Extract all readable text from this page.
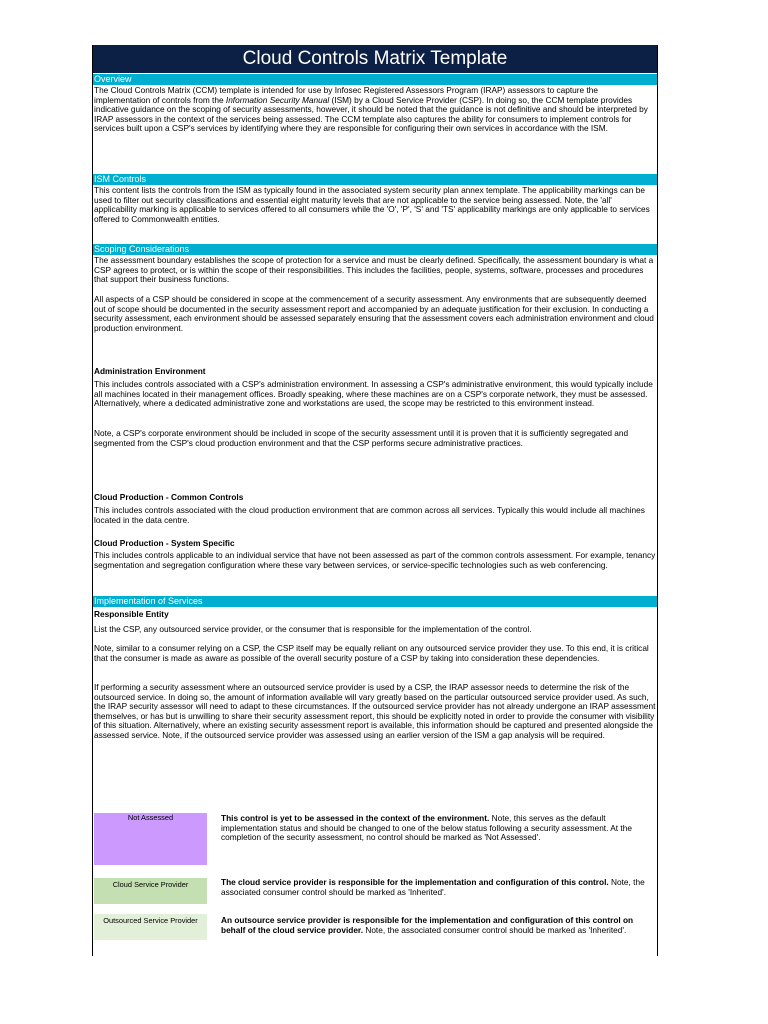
Cloud Controls Matrix Template
Overview

The Cloud Controls Matrix (CCM) template is intended for use by Infosec Registered Assessors Program (IRAP) assessors to capture the implementation of controls from the Information Security Manual (ISM) by a Cloud Service Provider (CSP). In doing so, the CCM template provides indicative guidance on the scoping of security assessments, however, it should be noted that the guidance is not definitive and should be interpreted by IRAP assessors in the context of the services being assessed. The CCM template also captures the ability for consumers to implement controls for services built upon a CSP's services by identifying where they are responsible for configuring their own services in accordance with the ISM.

ISM Controls

This content lists the controls from the ISM as typically found in the associated system security plan annex template. The applicability markings can be used to filter out security classifications and essential eight maturity levels that are not applicable to the service being assessed. Note, the 'all' applicability marking is applicable to services offered to all consumers while the 'O', 'P', 'S' and 'TS' applicability markings are only applicable to services offered to Commonwealth entities.

Scoping Considerations

The assessment boundary establishes the scope of protection for a service and must be clearly defined. Specifically, the assessment boundary is what a CSP agrees to protect, or is within the scope of their responsibilities. This includes the facilities, people, systems, software, processes and procedures that support their business functions.

All aspects of a CSP should be considered in scope at the commencement of a security assessment. Any environments that are subsequently deemed out of scope should be documented in the security assessment report and accompanied by an adequate justification for their exclusion. In conducting a security assessment, each environment should be assessed separately ensuring that the assessment covers each administration environment and cloud production environment.

Administration Environment

This includes controls associated with a CSP's administration environment. In assessing a CSP's administrative environment, this would typically include all machines located in their management offices. Broadly speaking, where these machines are on a CSP's corporate network, they must be assessed. Alternatively, where a dedicated administrative zone and workstations are used, the scope may be restricted to this environment instead.

Note, a CSP's corporate environment should be included in scope of the security assessment until it is proven that it is sufficiently segregated and segmented from the CSP's cloud production environment and that the CSP performs secure administrative practices.

Cloud Production - Common Controls

This includes controls associated with the cloud production environment that are common across all services. Typically this would include all machines located in the data centre.

Cloud Production - System Specific

This includes controls applicable to an individual service that have not been assessed as part of the common controls assessment. For example, tenancy segmentation and segregation configuration where these vary between services, or service-specific technologies such as web conferencing.

Implementation of Services
Responsible Entity

List the CSP, any outsourced service provider, or the consumer that is responsible for the implementation of the control.

Note, similar to a consumer relying on a CSP, the CSP itself may be equally reliant on any outsourced service provider they use. To this end, it is critical that the consumer is made as aware as possible of the overall security posture of a CSP by taking into consideration these dependencies.

If performing a security assessment where an outsourced service provider is used by a CSP, the IRAP assessor needs to determine the risk of the outsourced service. In doing so, the amount of information available will vary greatly based on the particular outsourced service provider used. As such, the IRAP security assessor will need to adapt to these circumstances. If the outsourced service provider has not already undergone an IRAP assessment themselves, or has but is unwilling to share their security assessment report, this should be explicitly noted in order to provide the consumer with visibility of this situation. Alternatively, where an existing security assessment report is available, this information should be captured and presented alongside the assessed service. Note, if the outsourced service provider was assessed using an earlier version of the ISM a gap analysis will be required.

Not Assessed	This control is yet to be assessed in the context of the environment. Note, this serves as the default implementation status and should be changed to one of the below status following a security assessment. At the completion of the security assessment, no control should be marked as 'Not Assessed'.

Cloud Service Provider	The cloud service provider is responsible for the implementation and configuration of this control. Note, the associated consumer control should be marked as 'Inherited'.

Outsourced Service Provider	An outsource service provider is responsible for the implementation and configuration of this control on behalf of the cloud service provider. Note, the associated consumer control should be marked as 'Inherited'.
